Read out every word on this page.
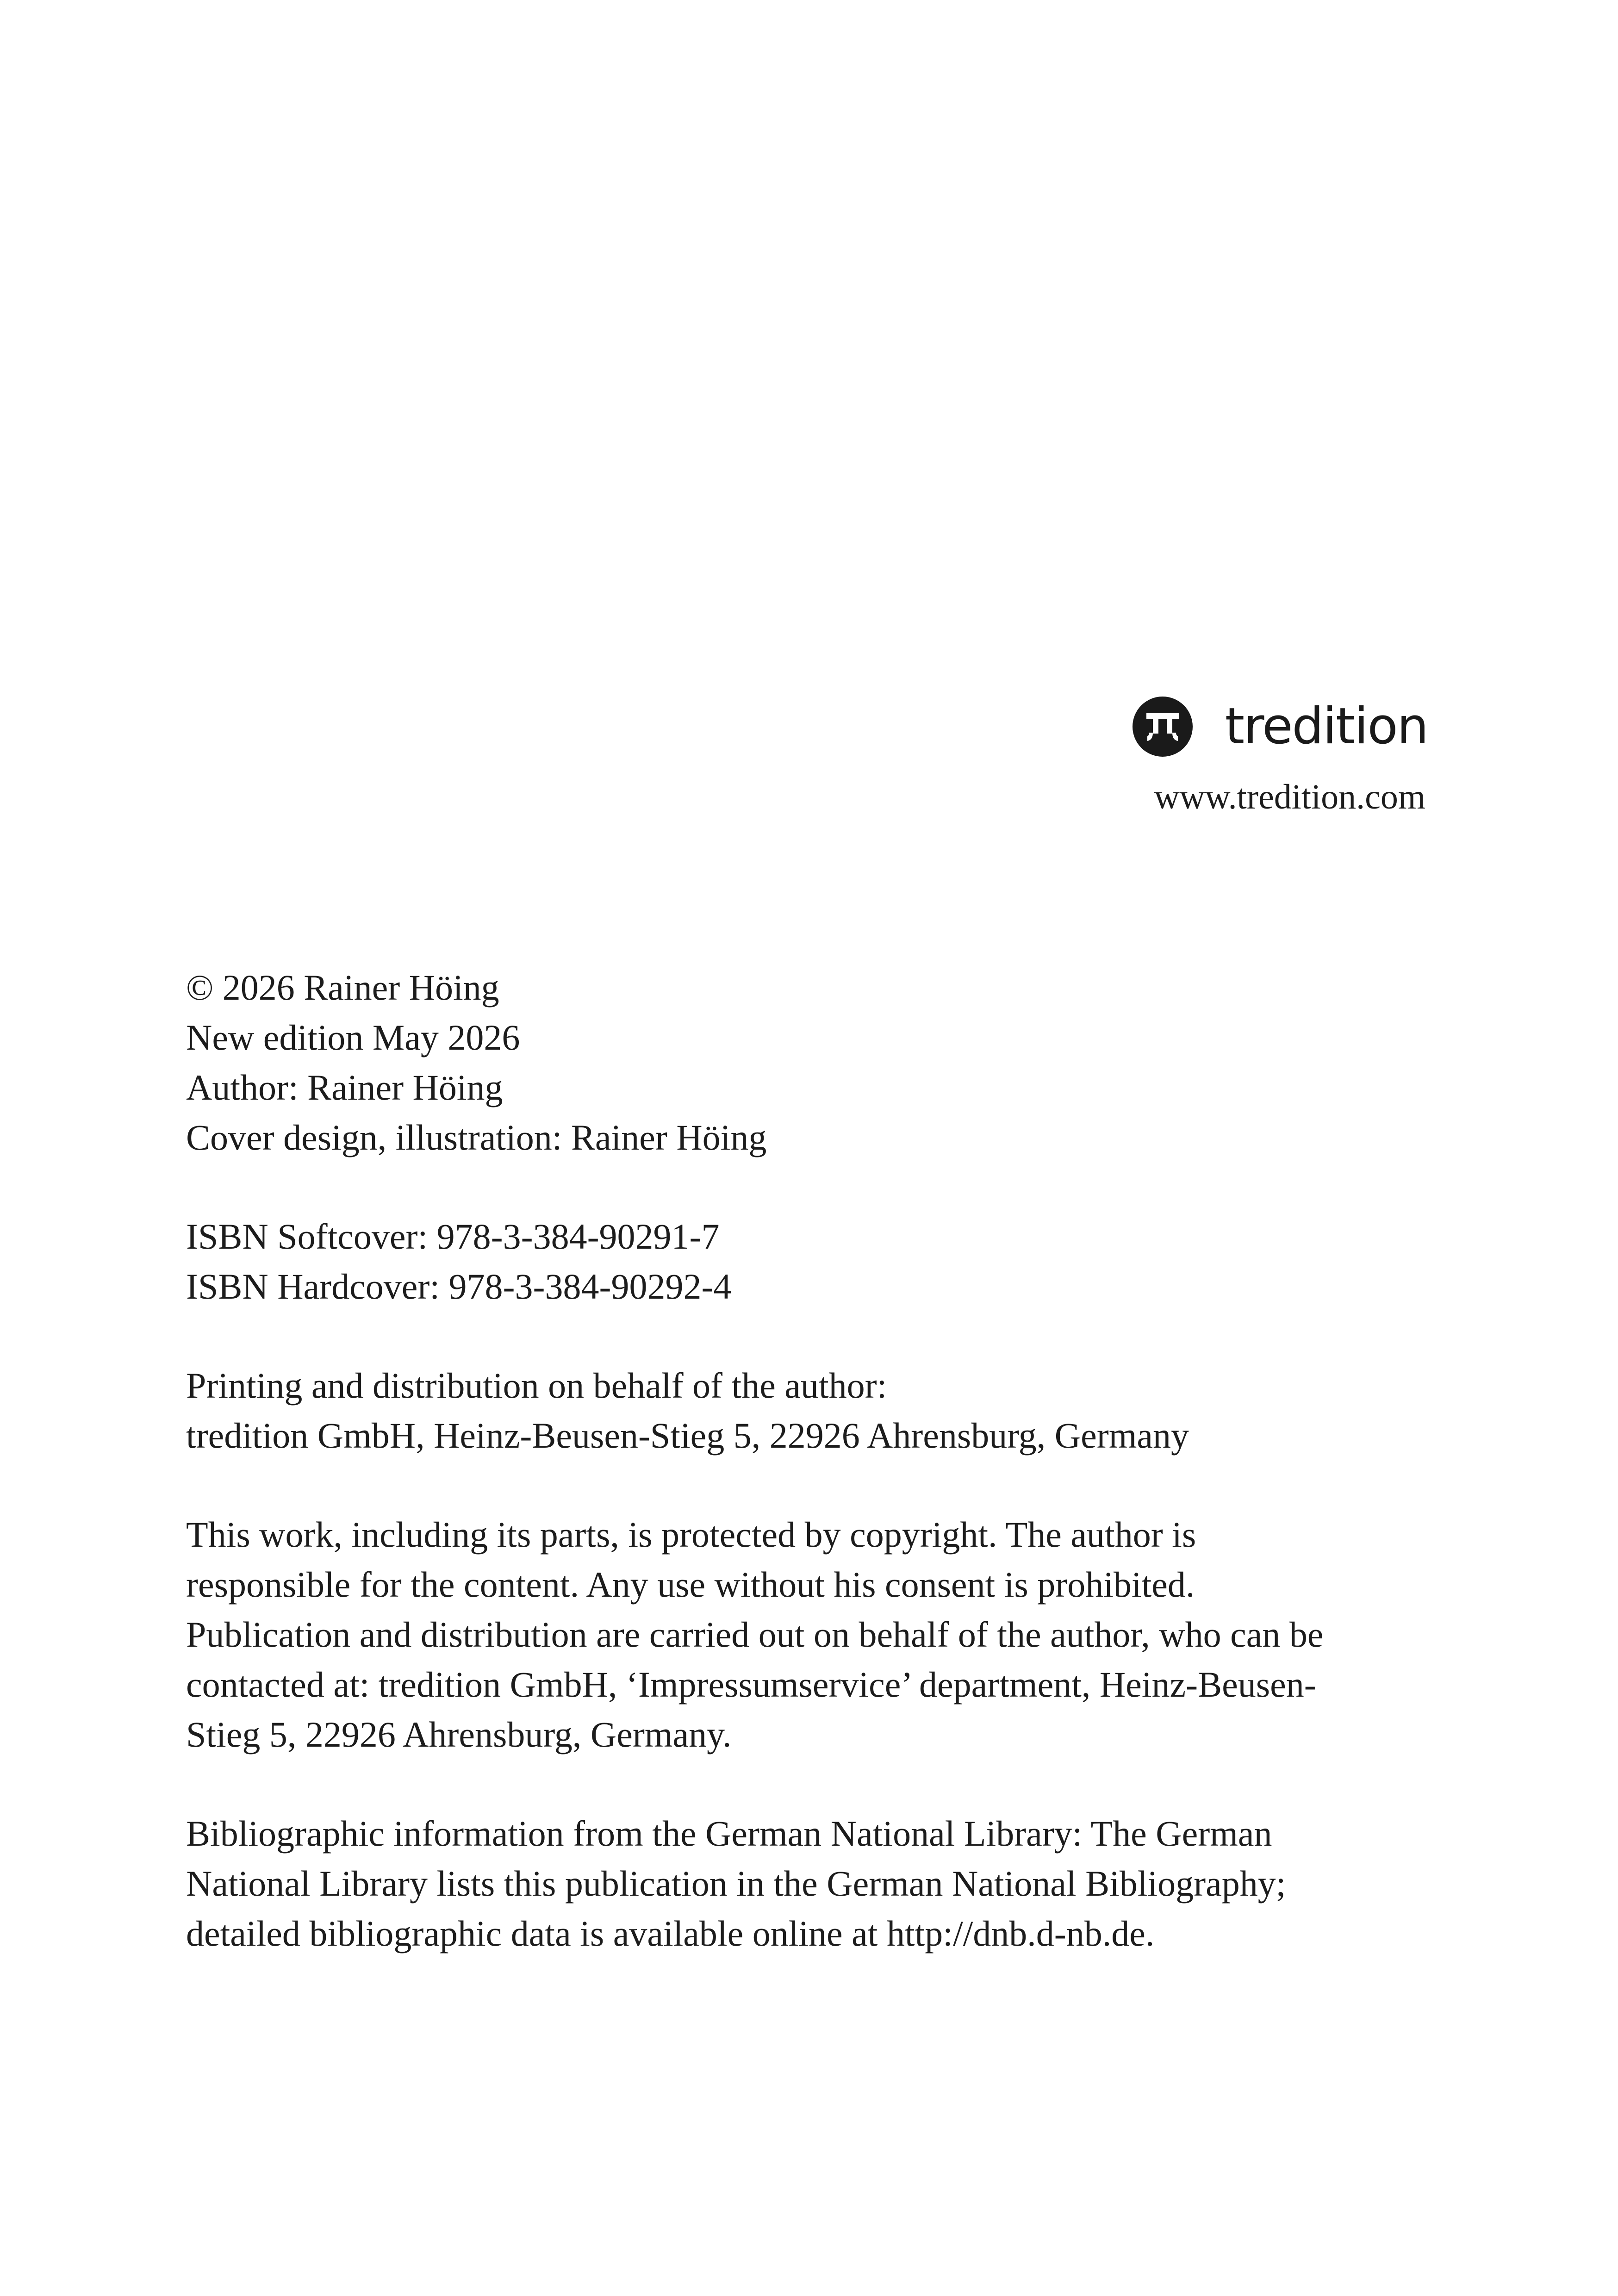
tredition
www.tredition.com
© 2026 Rainer Höing
New edition May 2026
Author: Rainer Höing
Cover design, illustration: Rainer Höing
ISBN Softcover: 978-3-384-90291-7
ISBN Hardcover: 978-3-384-90292-4
Printing and distribution on behalf of the author:
tredition GmbH, Heinz-Beusen-Stieg 5, 22926 Ahrensburg, Germany
This work, including its parts, is protected by copyright. The author is
responsible for the content. Any use without his consent is prohibited.
Publication and distribution are carried out on behalf of the author, who can be
contacted at: tredition GmbH, ‘Impressumservice’ department, Heinz-Beusen-
Stieg 5, 22926 Ahrensburg, Germany.
Bibliographic information from the German National Library: The German
National Library lists this publication in the German National Bibliography;
detailed bibliographic data is available online at http://dnb.d-nb.de.
